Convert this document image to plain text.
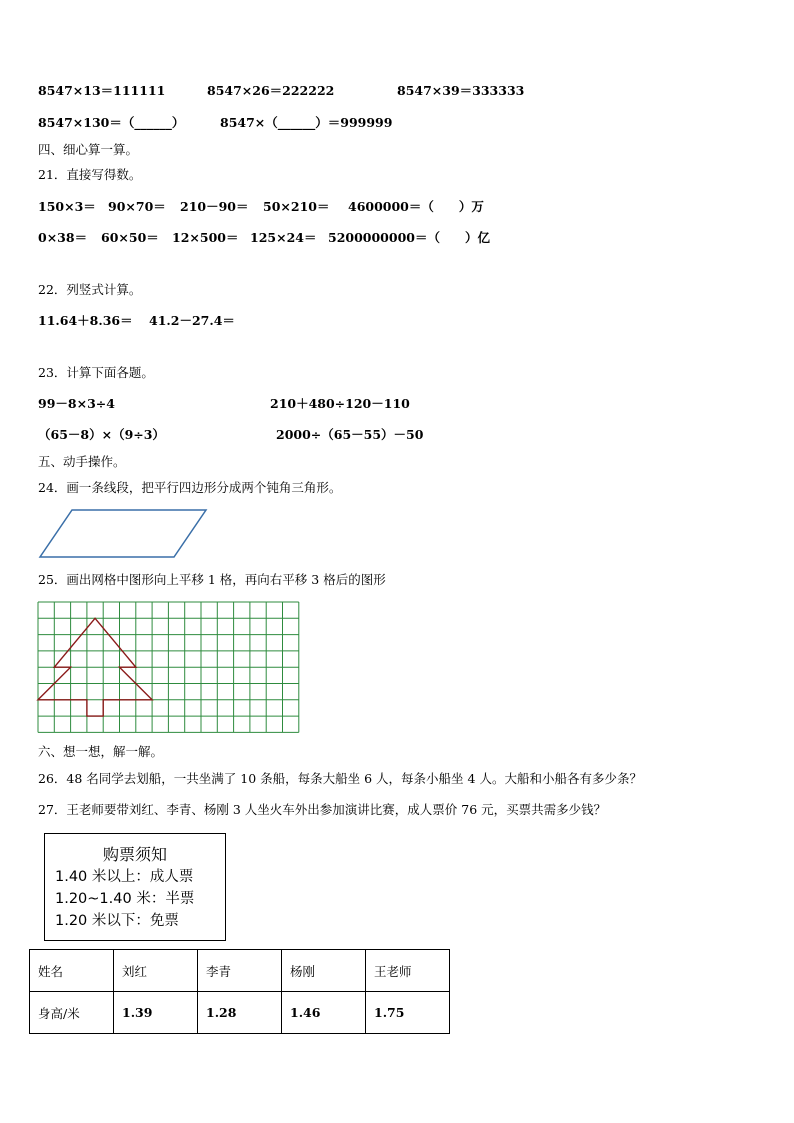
8547×13＝111111	8547×26＝222222	8547×39＝333333
8547×130＝（______）	8547×（______）＝999999
四、细心算一算。
21．直接写得数。
150×3＝ 90×70＝ 210－90＝ 50×210＝ 4600000＝（　　）万
0×38＝ 60×50＝ 12×500＝ 125×24＝ 5200000000＝（　　）亿
22．列竖式计算。
11.64＋8.36＝ 41.2－27.4＝
23．计算下面各题。
99－8×3÷4	210＋480÷120－110
（65－8）×（9÷3）	2000÷（65－55）－50
五、动手操作。
24．画一条线段，把平行四边形分成两个钝角三角形。
25．画出网格中图形向上平移 1 格，再向右平移 3 格后的图形
六、想一想，解一解。
26．48 名同学去划船，一共坐满了 10 条船，每条大船坐 6 人，每条小船坐 4 人。大船和小船各有多少条？
27．王老师要带刘红、李青、杨刚 3 人坐火车外出参加演讲比赛，成人票价 76 元，买票共需多少钱？
购票须知
1.40 米以上：成人票
1.20~1.40 米：半票
1.20 米以下：免票
姓名	刘红	李青	杨刚	王老师
身高/米	1.39	1.28	1.46	1.75
